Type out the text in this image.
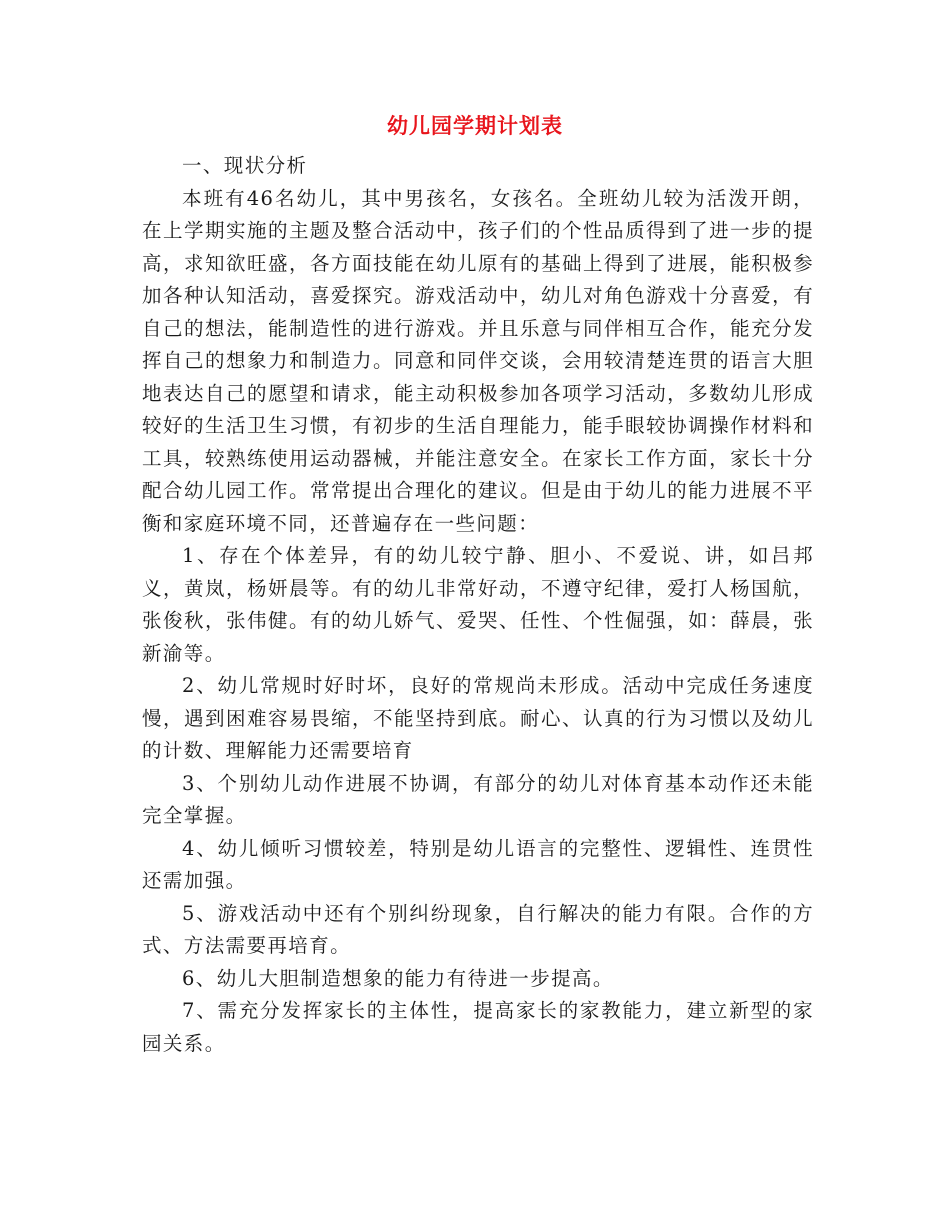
幼儿园学期计划表

一、现状分析

本班有46名幼儿，其中男孩名，女孩名。全班幼儿较为活泼开朗，在上学期实施的主题及整合活动中，孩子们的个性品质得到了进一步的提高，求知欲旺盛，各方面技能在幼儿原有的基础上得到了进展，能积极参加各种认知活动，喜爱探究。游戏活动中，幼儿对角色游戏十分喜爱，有自己的想法，能制造性的进行游戏。并且乐意与同伴相互合作，能充分发挥自己的想象力和制造力。同意和同伴交谈，会用较清楚连贯的语言大胆地表达自己的愿望和请求，能主动积极参加各项学习活动，多数幼儿形成较好的生活卫生习惯，有初步的生活自理能力，能手眼较协调操作材料和工具，较熟练使用运动器械，并能注意安全。在家长工作方面，家长十分配合幼儿园工作。常常提出合理化的建议。但是由于幼儿的能力进展不平衡和家庭环境不同，还普遍存在一些问题：

1、存在个体差异，有的幼儿较宁静、胆小、不爱说、讲，如吕邦义，黄岚，杨妍晨等。有的幼儿非常好动，不遵守纪律，爱打人杨国航，张俊秋，张伟健。有的幼儿娇气、爱哭、任性、个性倔强，如：薛晨，张新渝等。

2、幼儿常规时好时坏，良好的常规尚未形成。活动中完成任务速度慢，遇到困难容易畏缩，不能坚持到底。耐心、认真的行为习惯以及幼儿的计数、理解能力还需要培育

3、个别幼儿动作进展不协调，有部分的幼儿对体育基本动作还未能完全掌握。

4、幼儿倾听习惯较差，特别是幼儿语言的完整性、逻辑性、连贯性还需加强。

5、游戏活动中还有个别纠纷现象，自行解决的能力有限。合作的方式、方法需要再培育。

6、幼儿大胆制造想象的能力有待进一步提高。

7、需充分发挥家长的主体性，提高家长的家教能力，建立新型的家园关系。
